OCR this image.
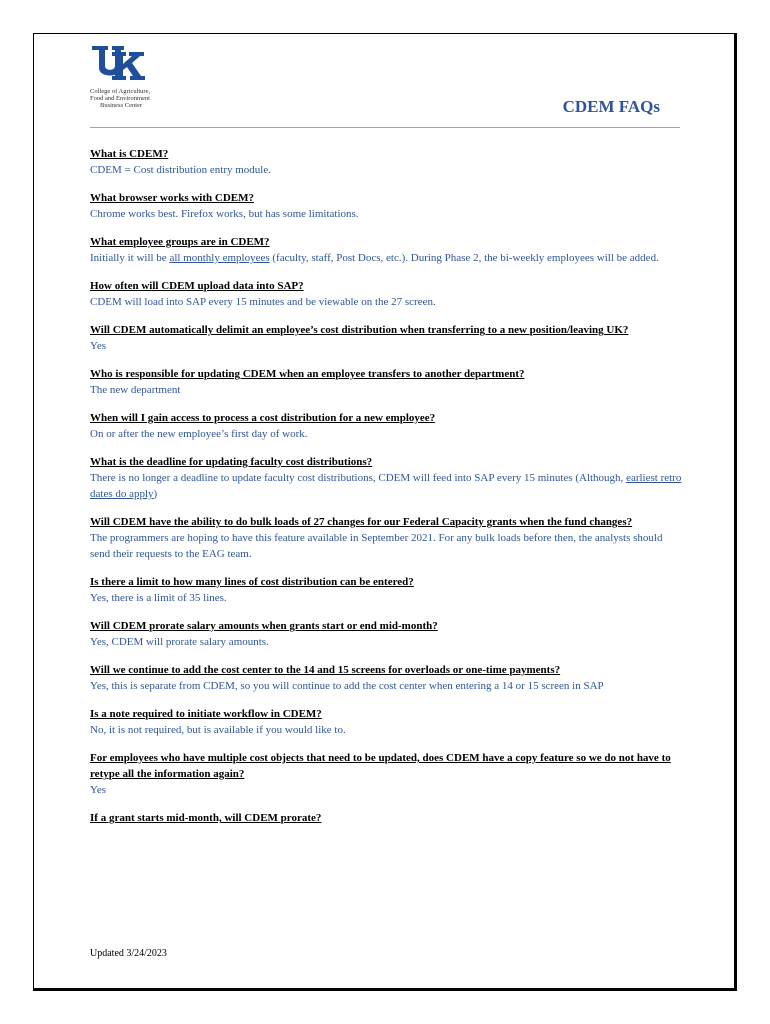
College of Agriculture,
Food and Environment
Business Center	CDEM FAQs
What is CDEM?
CDEM = Cost distribution entry module.
What browser works with CDEM?
Chrome works best. Firefox works, but has some limitations.
What employee groups are in CDEM?
Initially it will be all monthly employees (faculty, staff, Post Docs, etc.). During Phase 2, the bi-weekly employees will be added.
How often will CDEM upload data into SAP?
CDEM will load into SAP every 15 minutes and be viewable on the 27 screen.
Will CDEM automatically delimit an employee’s cost distribution when transferring to a new position/leaving UK?
Yes
Who is responsible for updating CDEM when an employee transfers to another department?
The new department
When will I gain access to process a cost distribution for a new employee?
On or after the new employee’s first day of work.
What is the deadline for updating faculty cost distributions?
There is no longer a deadline to update faculty cost distributions, CDEM will feed into SAP every 15 minutes (Although, earliest retro dates do apply)
Will CDEM have the ability to do bulk loads of 27 changes for our Federal Capacity grants when the fund changes?
The programmers are hoping to have this feature available in September 2021. For any bulk loads before then, the analysts should send their requests to the EAG team.
Is there a limit to how many lines of cost distribution can be entered?
Yes, there is a limit of 35 lines.
Will CDEM prorate salary amounts when grants start or end mid-month?
Yes, CDEM will prorate salary amounts.
Will we continue to add the cost center to the 14 and 15 screens for overloads or one-time payments?
Yes, this is separate from CDEM, so you will continue to add the cost center when entering a 14 or 15 screen in SAP
Is a note required to initiate workflow in CDEM?
No, it is not required, but is available if you would like to.
For employees who have multiple cost objects that need to be updated, does CDEM have a copy feature so we do not have to retype all the information again?
Yes
If a grant starts mid-month, will CDEM prorate?
Updated 3/24/2023
